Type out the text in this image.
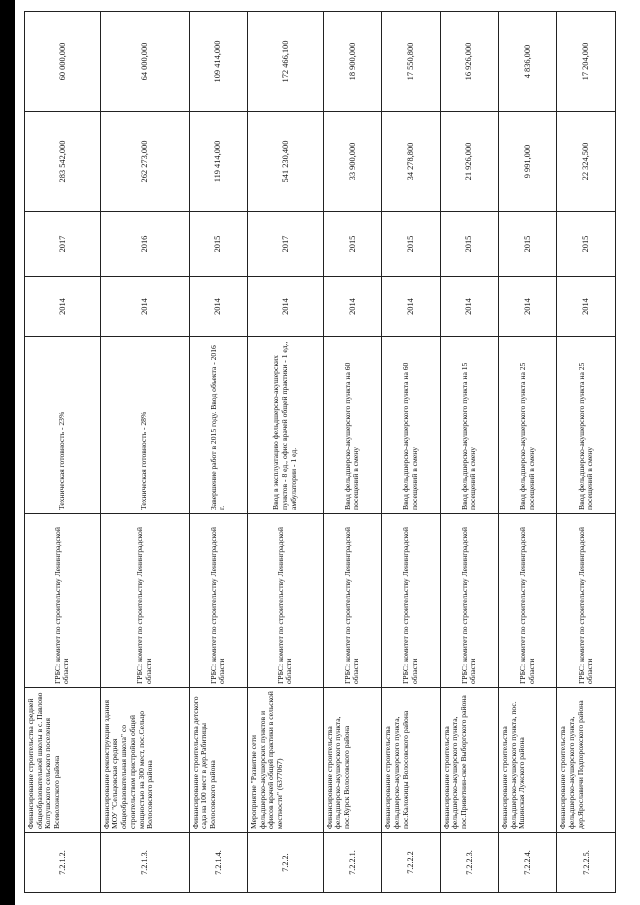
7.2.1.2.	Финансирование строительства средней общеобразовательной школы в с. Павлово Колтушского сельского поселения Всеволожского района	ГРБС: комитет по строительству Ленинградской области	Техническая готовность - 23%	2014	2017	283 542,000	60 000,000
7.2.1.3.	Финансирование реконструкции здания МОУ "Сельцовская средняя общеобразовательная школа" со строительством пристройки общей мощностью на 300 мест, пос.Сельцо Волосовского района	ГРБС: комитет по строительству Ленинградской области	Техническая готовность - 28%	2014	2016	262 273,000	64 000,000
7.2.1.4.	Финансирование строительства детского сада на 100 мест в дер.Рабитицы Волосовского района	ГРБС: комитет по строительству Ленинградской области	Завершение работ в 2015 году. Ввод объекта - 2016 г.	2014	2015	119 414,000	109 414,000
7.2.2.	Мероприятие "Развитие сети фельдшерско-акушерских пунктов и офисов врачей общей практики в сельской местности" (6377067)	ГРБС: комитет по строительству Ленинградской области	Ввод в эксплуатацию фельдшерско-акушерских пунктов - 8 ед., офис врачей общей практики - 1 ед., амбулатории - 1 ед.	2014	2017	541 230,400	172 466,100
7.2.2.1.	Финансирование строительства фельдшерско-акушерского пункта, пос.Курск Волосовского района	ГРБС: комитет по строительству Ленинградской области	Ввод фельдшерско-акушерского пункта на 60 посещений в смену	2014	2015	33 900,000	18 900,000
7.2.2.2	Финансирование строительства фельдшерско-акушерского пункта, пос.Каложицы Волосовского района	ГРБС: комитет по строительству Ленинградской области	Ввод фельдшерско-акушерского пункта на 60 посещений в смену	2014	2015	34 278,800	17 550,800
7.2.2.3.	Финансирование строительства фельдшерско-акушерского пункта, пос.Приветнин-ское Выборгского района	ГРБС: комитет по строительству Ленинградской области	Ввод фельдшерско-акушерского пункта на 15 посещений в смену	2014	2015	21 926,000	16 926,000
7.2.2.4.	Финансирование строительства фельдшерско-акушерского пункта, пос. Мшинская Лужского района	ГРБС: комитет по строительству Ленинградской области	Ввод фельдшерско-акушерского пункта на 25 посещений в смену	2014	2015	9 991,000	4 836,000
7.2.2.5.	Финансирование строительства фельдшерско-акушерского пункта, дер.Ярославичи Подпорожского района	ГРБС: комитет по строительству Ленинградской области	Ввод фельдшерско-акушерского пункта на 25 посещений в смену	2014	2015	22 324,500	17 204,000
